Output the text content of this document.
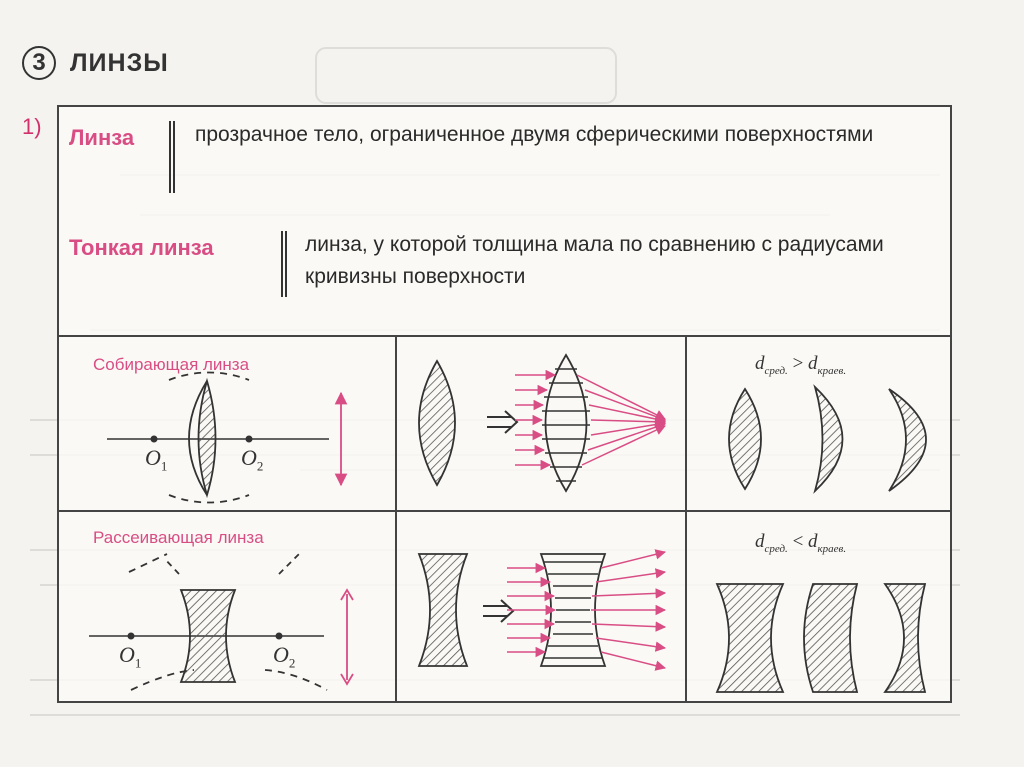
3 ЛИНЗЫ
1) Линза	прозрачное тело, ограниченное двумя сферическими поверхностями
Тонкая линза	линза, у которой толщина мала по сравнению с радиусами кривизны поверхности
Собирающая линза
$O_1$	$O_2$
$d_{сред.} > d_{краев.}$
Рассеивающая линза
$O_1$	$O_2$
$d_{сред.} < d_{краев.}$
